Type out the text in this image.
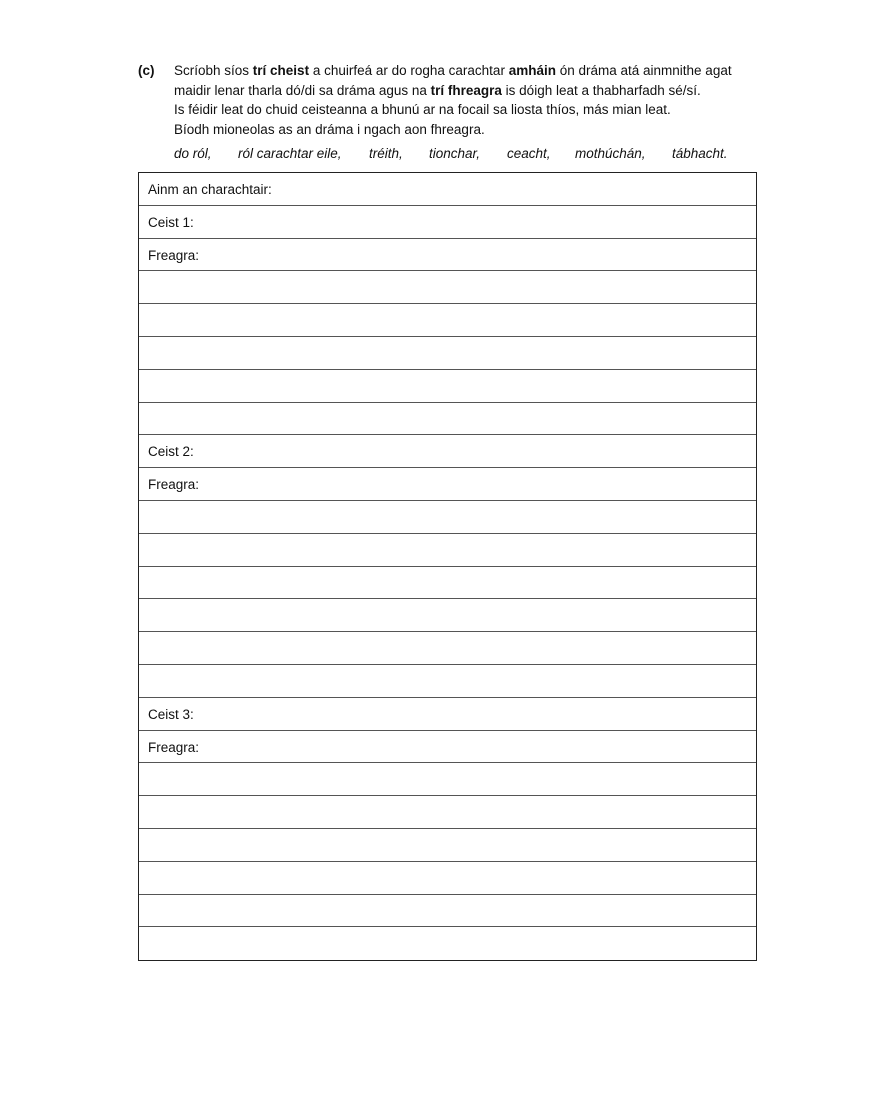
(c)	Scríobh síos trí cheist a chuirfeá ar do rogha carachtar amháin ón dráma atá ainmnithe agat

maidir lenar tharla dó/di sa dráma agus na trí fhreagra is dóigh leat a thabharfadh sé/sí.

Is féidir leat do chuid ceisteanna a bhunú ar na focail sa liosta thíos, más mian leat.

Bíodh mioneolas as an dráma i ngach aon fhreagra.

do ról,	ról carachtar eile,	tréith,	tionchar,	ceacht,	mothúchán,	tábhacht.
Ainm an charachtair:
Ceist 1:
Freagra:
Ceist 2:
Freagra:
Ceist 3:
Freagra:
